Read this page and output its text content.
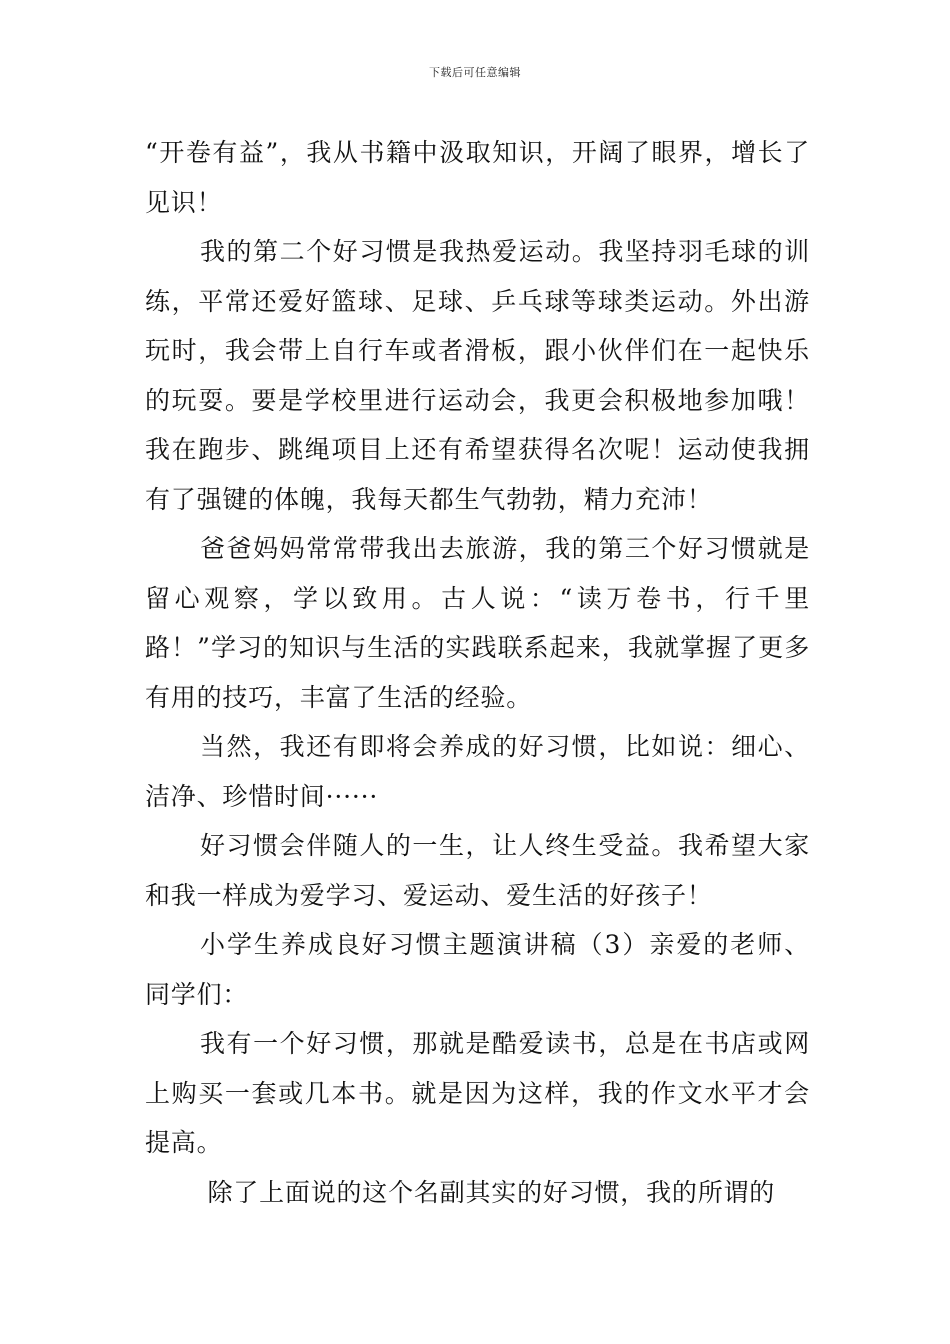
下载后可任意编辑

“开卷有益”，我从书籍中汲取知识，开阔了眼界，增长了见识！

我的第二个好习惯是我热爱运动。我坚持羽毛球的训练，平常还爱好篮球、足球、乒乓球等球类运动。外出游玩时，我会带上自行车或者滑板，跟小伙伴们在一起快乐的玩耍。要是学校里进行运动会，我更会积极地参加哦！我在跑步、跳绳项目上还有希望获得名次呢！运动使我拥有了强键的体魄，我每天都生气勃勃，精力充沛！

爸爸妈妈常常带我出去旅游，我的第三个好习惯就是留心观察，学以致用。古人说：“读万卷书，行千里路！”学习的知识与生活的实践联系起来，我就掌握了更多有用的技巧，丰富了生活的经验。

当然，我还有即将会养成的好习惯，比如说：细心、洁净、珍惜时间······

好习惯会伴随人的一生，让人终生受益。我希望大家和我一样成为爱学习、爱运动、爱生活的好孩子！

小学生养成良好习惯主题演讲稿（3）亲爱的老师、同学们：

我有一个好习惯，那就是酷爱读书，总是在书店或网上购买一套或几本书。就是因为这样，我的作文水平才会提高。

除了上面说的这个名副其实的好习惯，我的所谓的
